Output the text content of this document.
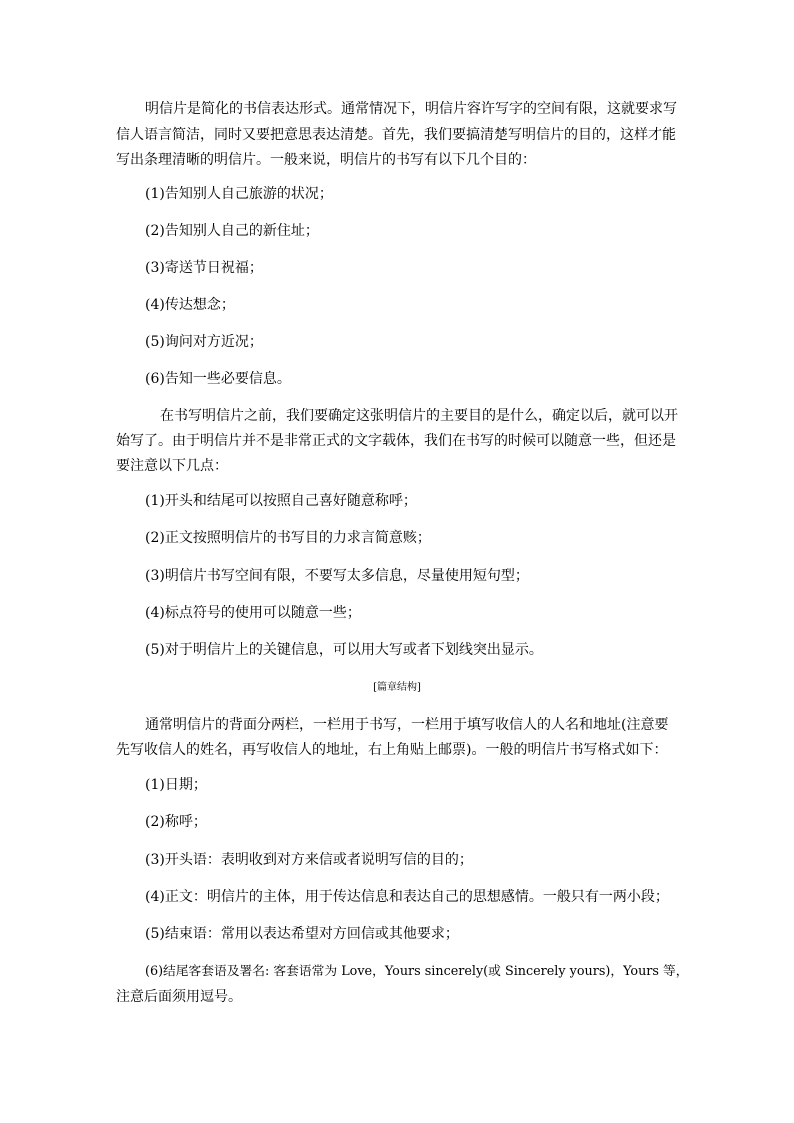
明信片是简化的书信表达形式。通常情况下，明信片容许写字的空间有限，这就要求写

信人语言简洁，同时又要把意思表达清楚。首先，我们要搞清楚写明信片的目的，这样才能

写出条理清晰的明信片。一般来说，明信片的书写有以下几个目的：

(1)告知别人自己旅游的状况；

(2)告知别人自己的新住址；

(3)寄送节日祝福；

(4)传达想念；

(5)询问对方近况；

(6)告知一些必要信息。

在书写明信片之前，我们要确定这张明信片的主要目的是什么，确定以后，就可以开

始写了。由于明信片并不是非常正式的文字载体，我们在书写的时候可以随意一些，但还是

要注意以下几点：

(1)开头和结尾可以按照自己喜好随意称呼；

(2)正文按照明信片的书写目的力求言简意赅；

(3)明信片书写空间有限，不要写太多信息，尽量使用短句型；

(4)标点符号的使用可以随意一些；

(5)对于明信片上的关键信息，可以用大写或者下划线突出显示。

[篇章结构]

通常明信片的背面分两栏，一栏用于书写，一栏用于填写收信人的人名和地址(注意要

先写收信人的姓名，再写收信人的地址，右上角贴上邮票)。一般的明信片书写格式如下：

(1)日期；

(2)称呼；

(3)开头语：表明收到对方来信或者说明写信的目的；

(4)正文：明信片的主体，用于传达信息和表达自己的思想感情。一般只有一两小段；

(5)结束语：常用以表达希望对方回信或其他要求；

(6)结尾客套语及署名: 客套语常为 Love，Yours sincerely(或 Sincerely yours)，Yours 等，

注意后面须用逗号。
